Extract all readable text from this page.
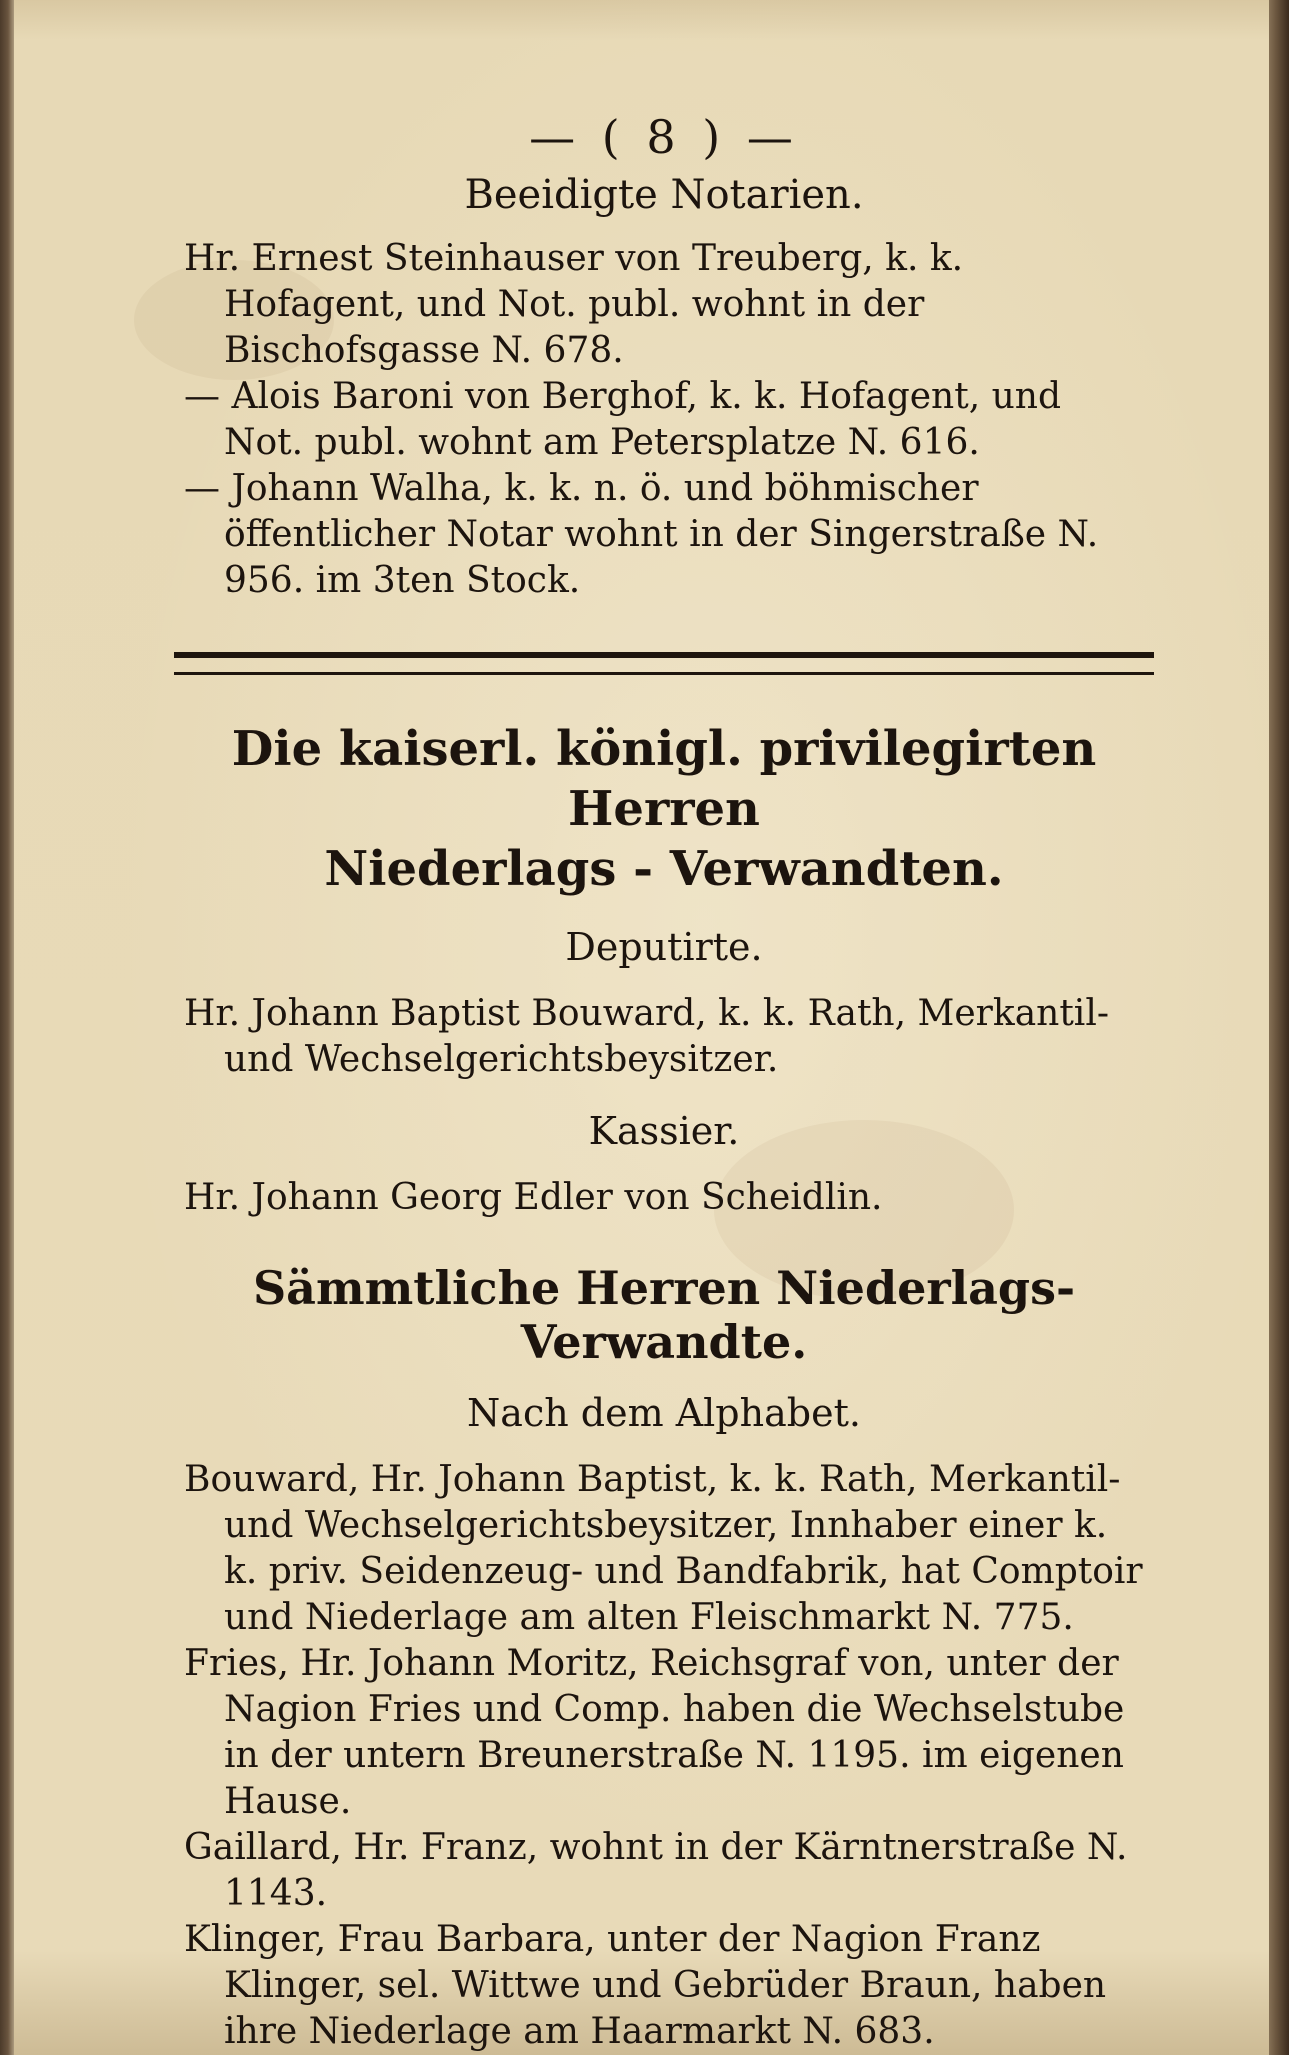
— ( 8 ) —
Beeidigte Notarien.

Hr. Ernest Steinhauser von Treuberg, k. k. Hofagent, und Not. publ. wohnt in der Bischofsgasse N. 678.

— Alois Baroni von Berghof, k. k. Hofagent, und Not. publ. wohnt am Petersplatze N. 616.

— Johann Walha, k. k. n. ö. und böhmischer öffentlicher Notar wohnt in der Singerstraße N. 956. im 3ten Stock.

Die kaiserl. königl. privilegirten Herren

Niederlags - Verwandten.

Deputirte.

Hr. Johann Baptist Bouward, k. k. Rath, Merkantil- und Wechselgerichtsbeysitzer.

Kassier.

Hr. Johann Georg Edler von Scheidlin.

Sämmtliche Herren Niederlags-Verwandte.
Nach dem Alphabet.

Bouward, Hr. Johann Baptist, k. k. Rath, Merkantil- und Wechselgerichtsbeysitzer, Innhaber einer k. k. priv. Seidenzeug- und Bandfabrik, hat Comptoir und Niederlage am alten Fleischmarkt N. 775.

Fries, Hr. Johann Moritz, Reichsgraf von, unter der Nagion Fries und Comp. haben die Wechselstube in der untern Breunerstraße N. 1195. im eigenen Hause.

Gaillard, Hr. Franz, wohnt in der Kärntnerstraße N. 1143.

Klinger, Frau Barbara, unter der Nagion Franz Klinger, sel. Wittwe und Gebrüder Braun, haben ihre Niederlage am Haarmarkt N. 683.
